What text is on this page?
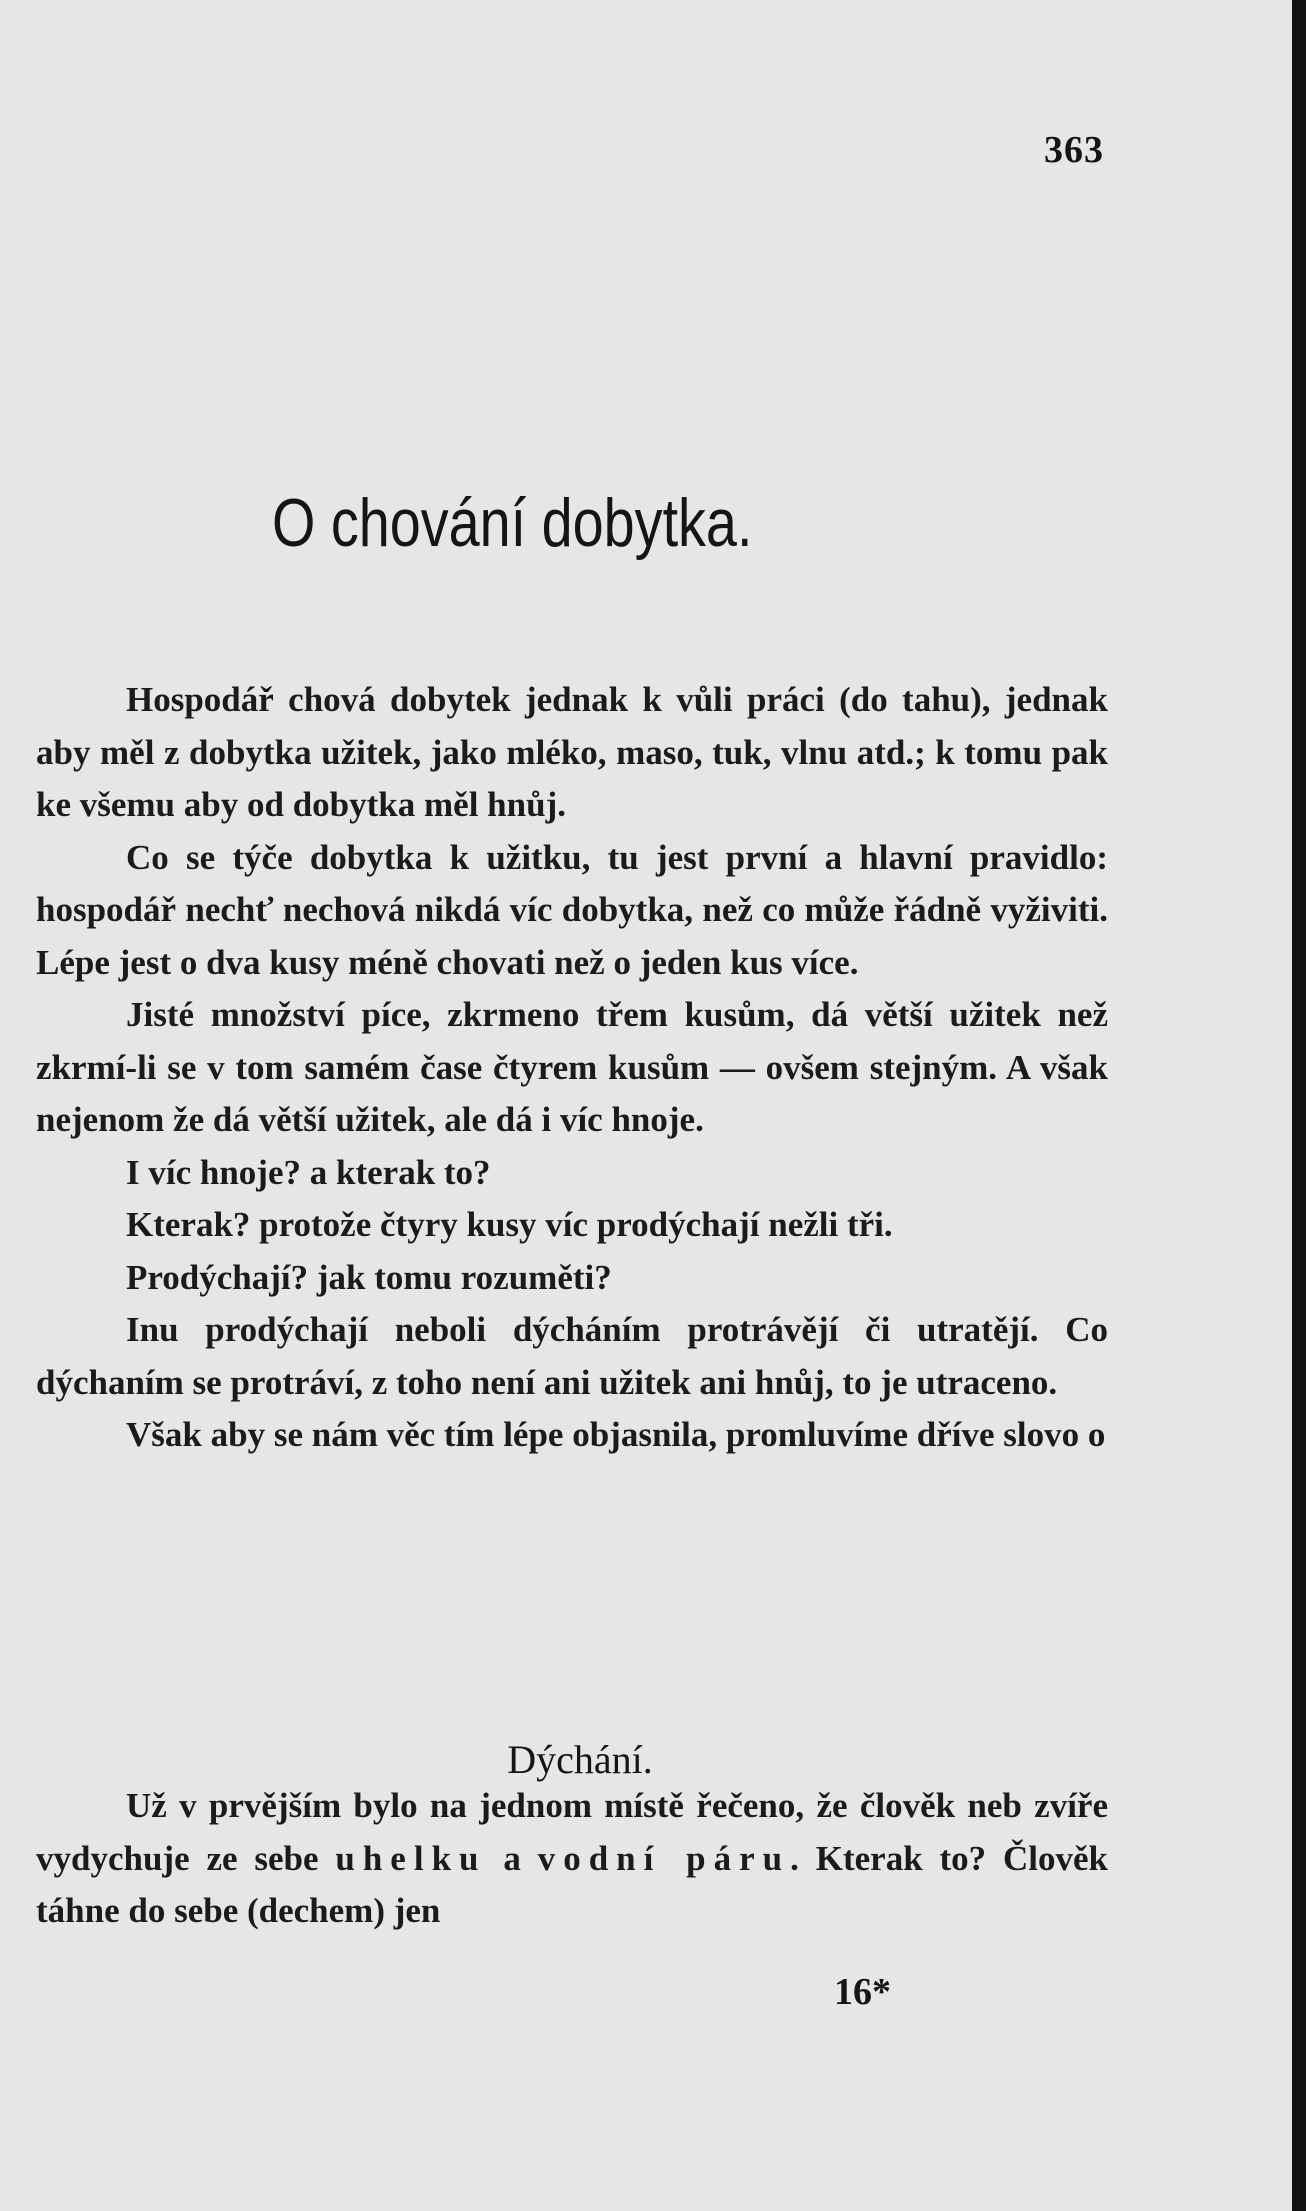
363
O chování dobytka.

Hospodář chová dobytek jednak k vůli práci (do tahu), jednak aby měl z dobytka užitek, jako mléko, maso, tuk, vlnu atd.; k tomu pak ke všemu aby od dobytka měl hnůj.

Co se týče dobytka k užitku, tu jest první a hlavní pravidlo: hospodář nechť nechová nikdá víc dobytka, než co může řádně vyživiti. Lépe jest o dva kusy méně chovati než o jeden kus více.

Jisté množství píce, zkrmeno třem kusům, dá větší užitek než zkrmí-li se v tom samém čase čtyrem kusům — ovšem stejným. A však nejenom že dá větší užitek, ale dá i víc hnoje.

I víc hnoje? a kterak to?

Kterak? protože čtyry kusy víc prodýchají nežli tři.

Prodýchají? jak tomu rozuměti?

Inu prodýchají neboli dýcháním protrávějí či utratějí. Co dýchaním se protráví, z toho není ani užitek ani hnůj, to je utraceno.

Však aby se nám věc tím lépe objasnila, promluvíme dříve slovo o

Dýchání.

Už v prvějším bylo na jednom místě řečeno, že člověk neb zvíře vydychuje ze sebe uhelku a vodní páru. Kterak to? Člověk táhne do sebe (dechem) jen

16*
